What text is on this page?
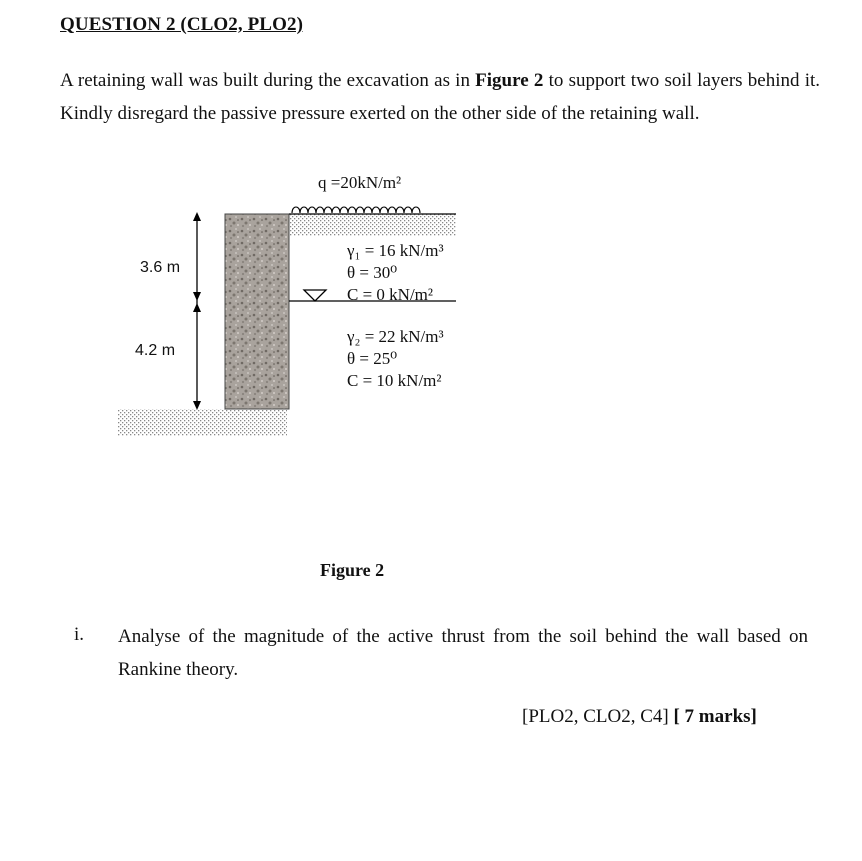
QUESTION 2 (CLO2, PLO2)
A retaining wall was built during the excavation as in Figure 2 to support two soil layers behind it. Kindly disregard the passive pressure exerted on the other side of the retaining wall.
q =20kN/m²
3.6 m
4.2 m
γ₁ = 16 kN/m³
θ = 30⁰
C = 0 kN/m²
γ₂ = 22 kN/m³
θ = 25⁰
C = 10 kN/m²
Figure 2
i. Analyse of the magnitude of the active thrust from the soil behind the wall based on Rankine theory.
[PLO2, CLO2, C4] [ 7 marks]
